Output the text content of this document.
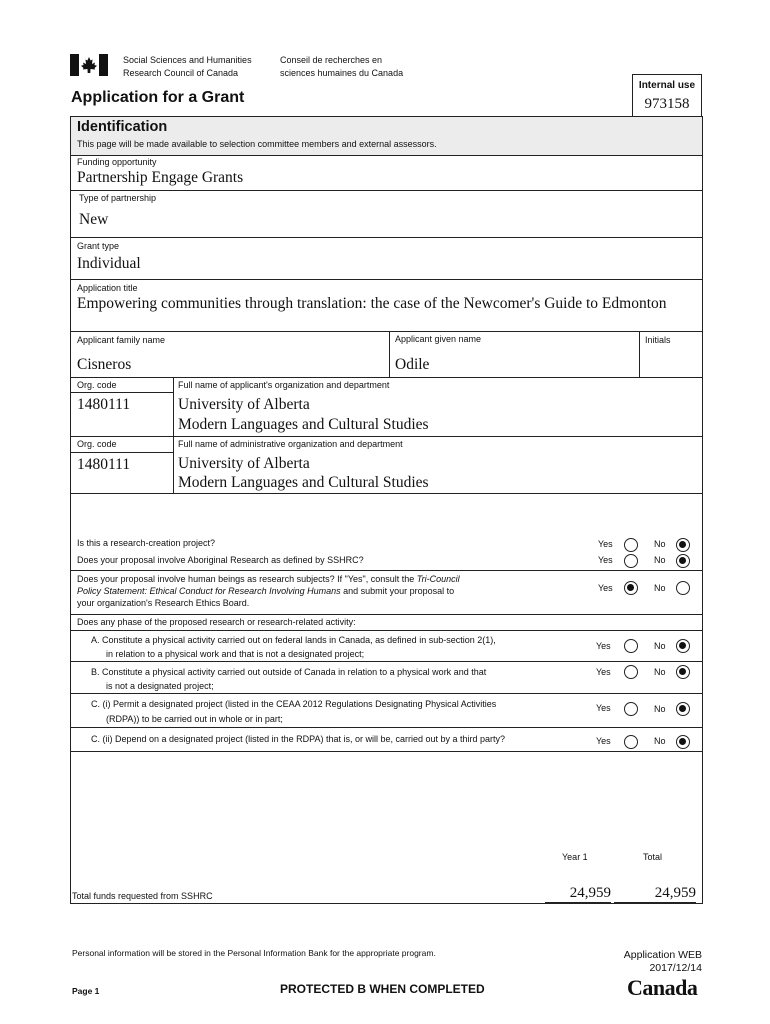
Social Sciences and Humanities
Research Council of Canada
Conseil de recherches en
sciences humaines du Canada
Internal use
973158
Application for a Grant
Identification
This page will be made available to selection committee members and external assessors.
Funding opportunity
Partnership Engage Grants
Type of partnership
New
Grant type
Individual
Application title
Empowering communities through translation: the case of the Newcomer's Guide to Edmonton
Applicant family name
Cisneros
Applicant given name
Odile
Initials
Org. code
1480111
Full name of applicant's organization and department
University of Alberta
Modern Languages and Cultural Studies
Org. code
1480111
Full name of administrative organization and department
University of Alberta
Modern Languages and Cultural Studies
Is this a research-creation project?	Yes	No
Does your proposal involve Aboriginal Research as defined by SSHRC?	Yes	No
Does your proposal involve human beings as research subjects? If "Yes", consult the Tri-Council
Policy Statement: Ethical Conduct for Research Involving Humans and submit your proposal to
your organization's Research Ethics Board.
Yes	No
Does any phase of the proposed research or research-related activity:
A. Constitute a physical activity carried out on federal lands in Canada, as defined in sub-section 2(1),
in relation to a physical work and that is not a designated project;
Yes	No
B. Constitute a physical activity carried out outside of Canada in relation to a physical work and that
is not a designated project;
Yes	No
C. (i) Permit a designated project (listed in the CEAA 2012 Regulations Designating Physical Activities
(RDPA)) to be carried out in whole or in part;
Yes	No
C. (ii) Depend on a designated project (listed in the RDPA) that is, or will be, carried out by a third party?	Yes	No
Year 1	Total
Total funds requested from SSHRC	24,959	24,959
Personal information will be stored in the Personal Information Bank for the appropriate program.
Page 1	PROTECTED B WHEN COMPLETED
Application WEB
2017/12/14
Canada
